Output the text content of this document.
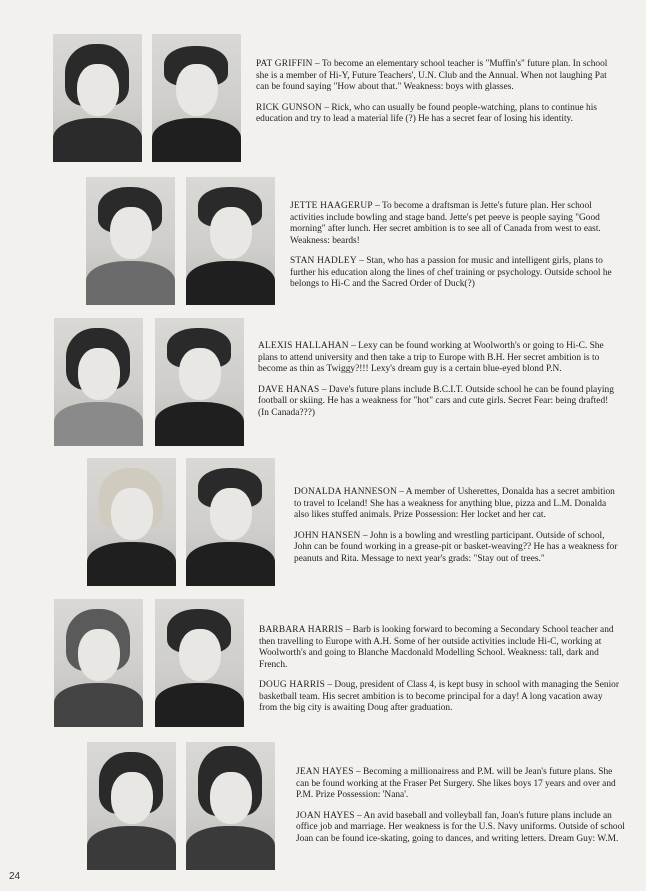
PAT GRIFFIN – To become an elementary school teacher is "Muffin's" future plan. In school she is a member of Hi-Y, Future Teachers', U.N. Club and the Annual. When not laughing Pat can be found saying "How about that." Weakness: boys with glasses.

RICK GUNSON – Rick, who can usually be found people-watching, plans to continue his education and try to lead a material life (?) He has a secret fear of losing his identity.

JETTE HAAGERUP – To become a draftsman is Jette's future plan. Her school activities include bowling and stage band. Jette's pet peeve is people saying "Good morning" after lunch. Her secret ambition is to see all of Canada from west to east. Weakness: beards!

STAN HADLEY – Stan, who has a passion for music and intelligent girls, plans to further his education along the lines of chef training or psychology. Outside school he belongs to Hi-C and the Sacred Order of Duck(?)

ALEXIS HALLAHAN – Lexy can be found working at Woolworth's or going to Hi-C. She plans to attend university and then take a trip to Europe with B.H. Her secret ambition is to become as thin as Twiggy?!!! Lexy's dream guy is a certain blue-eyed blond P.N.

DAVE HANAS – Dave's future plans include B.C.I.T. Outside school he can be found playing football or skiing. He has a weakness for "hot" cars and cute girls. Secret Fear: being drafted! (In Canada???)

DONALDA HANNESON – A member of Usherettes, Donalda has a secret ambition to travel to Iceland! She has a weakness for anything blue, pizza and L.M. Donalda also likes stuffed animals. Prize Possession: Her locket and her cat.

JOHN HANSEN – John is a bowling and wrestling participant. Outside of school, John can be found working in a grease-pit or basket-weaving?? He has a weakness for peanuts and Rita. Message to next year's grads: "Stay out of trees."

BARBARA HARRIS – Barb is looking forward to becoming a Secondary School teacher and then travelling to Europe with A.H. Some of her outside activities include Hi-C, working at Woolworth's and going to Blanche Macdonald Modelling School. Weakness: tall, dark and French.

DOUG HARRIS – Doug, president of Class 4, is kept busy in school with managing the Senior basketball team. His secret ambition is to become principal for a day! A long vacation away from the big city is awaiting Doug after graduation.

JEAN HAYES – Becoming a millionairess and P.M. will be Jean's future plans. She can be found working at the Fraser Pet Surgery. She likes boys 17 years and over and P.M. Prize Possession: 'Nana'.

JOAN HAYES – An avid baseball and volleyball fan, Joan's future plans include an office job and marriage. Her weakness is for the U.S. Navy uniforms. Outside of school Joan can be found ice-skating, going to dances, and writing letters. Dream Guy: W.M.

24
